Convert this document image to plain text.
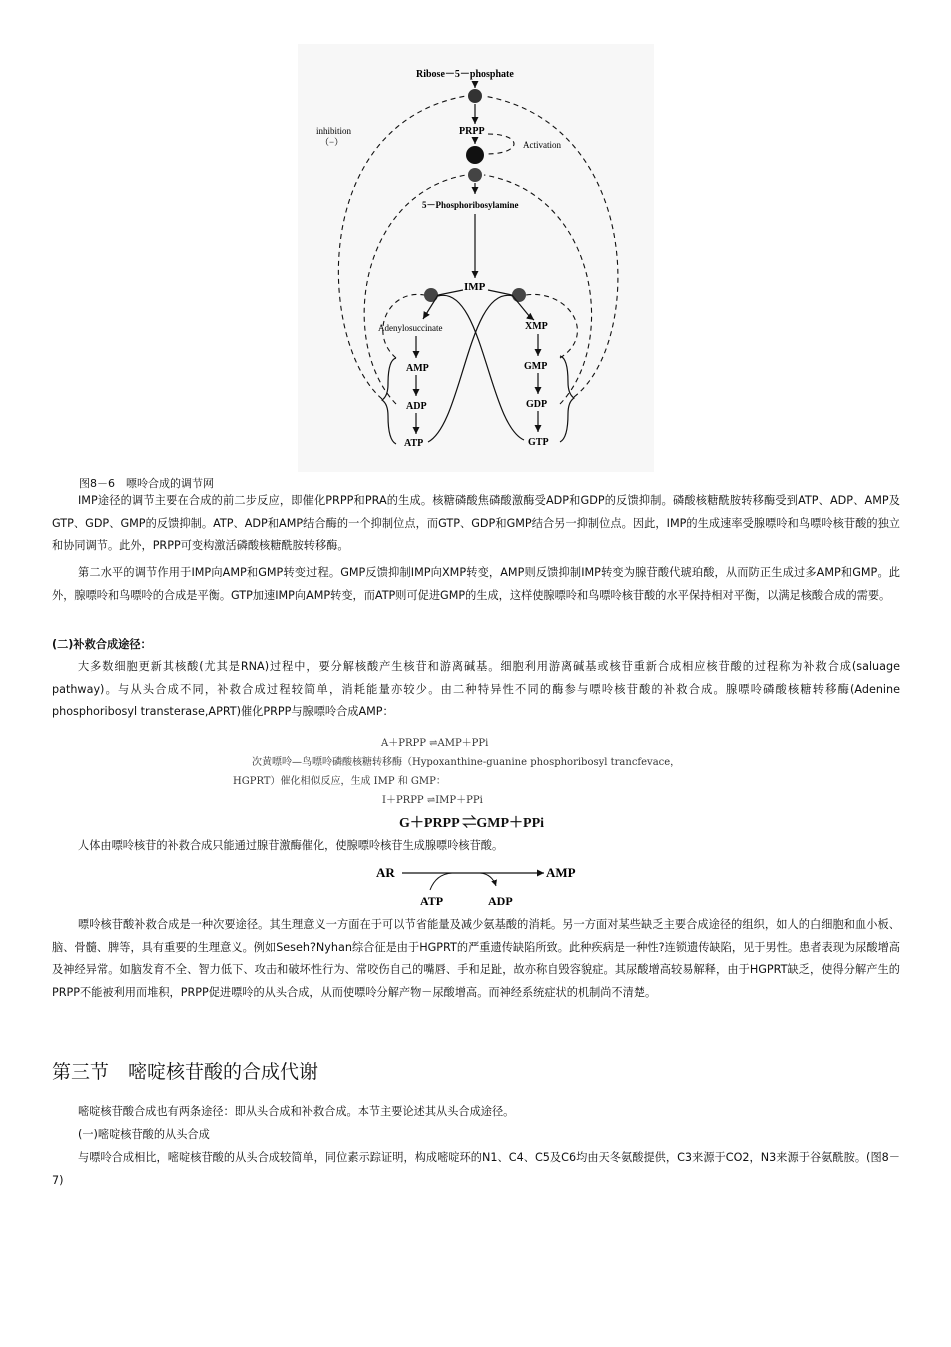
Ribose－5－phosphate
inhibition
（−）
PRPP
Activation
5－Phosphoribosylamine
IMP
Adenylosuccinate	XMP
AMP
ADP
ATP
GMP
GDP
GTP
图8－6　嘌呤合成的调节网
IMP途径的调节主要在合成的前二步反应，即催化PRPP和PRA的生成。核糖磷酸焦磷酸激酶受ADP和GDP的反馈抑制。磷酸核糖酰胺转移酶受到ATP、ADP、AMP及GTP、GDP、GMP的反馈抑制。ATP、ADP和AMP结合酶的一个抑制位点，而GTP、GDP和GMP结合另一抑制位点。因此，IMP的生成速率受腺嘌呤和鸟嘌呤核苷酸的独立和协同调节。此外，PRPP可变构激活磷酸核糖酰胺转移酶。
第二水平的调节作用于IMP向AMP和GMP转变过程。GMP反馈抑制IMP向XMP转变，AMP则反馈抑制IMP转变为腺苷酸代琥珀酸，从而防正生成过多AMP和GMP。此外，腺嘌呤和鸟嘌呤的合成是平衡。GTP加速IMP向AMP转变，而ATP则可促进GMP的生成，这样使腺嘌呤和鸟嘌呤核苷酸的水平保持相对平衡，以满足核酸合成的需要。
(二)补救合成途径：
大多数细胞更新其核酸(尤其是RNA)过程中，要分解核酸产生核苷和游离碱基。细胞利用游离碱基或核苷重新合成相应核苷酸的过程称为补救合成(saluage pathway)。与从头合成不同，补救合成过程较简单，消耗能量亦较少。由二种特异性不同的酶参与嘌呤核苷酸的补救合成。腺嘌呤磷酸核糖转移酶(Adenine phosphoribosyl transterase,APRT)催化PRPP与腺嘌呤合成AMP：
A＋PRPP ⇌AMP＋PPi
次黄嘌呤—鸟嘌呤磷酸核糖转移酶（Hypoxanthine-guanine phosphoribosyl trancfevace，
HGPRT）催化相似反应，生成 IMP 和 GMP：
I＋PRPP ⇌IMP＋PPi
G＋PRPP ⇌GMP＋PPi
人体由嘌呤核苷的补救合成只能通过腺苷激酶催化，使腺嘌呤核苷生成腺嘌呤核苷酸。
AR	AMP
ATP	ADP
嘌呤核苷酸补救合成是一种次要途径。其生理意义一方面在于可以节省能量及减少氨基酸的消耗。另一方面对某些缺乏主要合成途径的组织，如人的白细胞和血小板、脑、骨髓、脾等，具有重要的生理意义。例如Seseh?Nyhan综合征是由于HGPRT的严重遗传缺陷所致。此种疾病是一种性?连锁遗传缺陷，见于男性。患者表现为尿酸增高及神经异常。如脑发育不全、智力低下、攻击和破坏性行为、常咬伤自己的嘴唇、手和足趾，故亦称自毁容貌症。其尿酸增高较易解释，由于HGPRT缺乏，使得分解产生的PRPP不能被利用而堆积，PRPP促进嘌呤的从头合成，从而使嘌呤分解产物－尿酸增高。而神经系统症状的机制尚不清楚。
第三节　嘧啶核苷酸的合成代谢
嘧啶核苷酸合成也有两条途径：即从头合成和补救合成。本节主要论述其从头合成途径。
(一)嘧啶核苷酸的从头合成
与嘌呤合成相比，嘧啶核苷酸的从头合成较简单，同位素示踪证明，构成嘧啶环的N1、C4、C5及C6均由天冬氨酸提供，C3来源于CO2，N3来源于谷氨酰胺。(图8－7)
